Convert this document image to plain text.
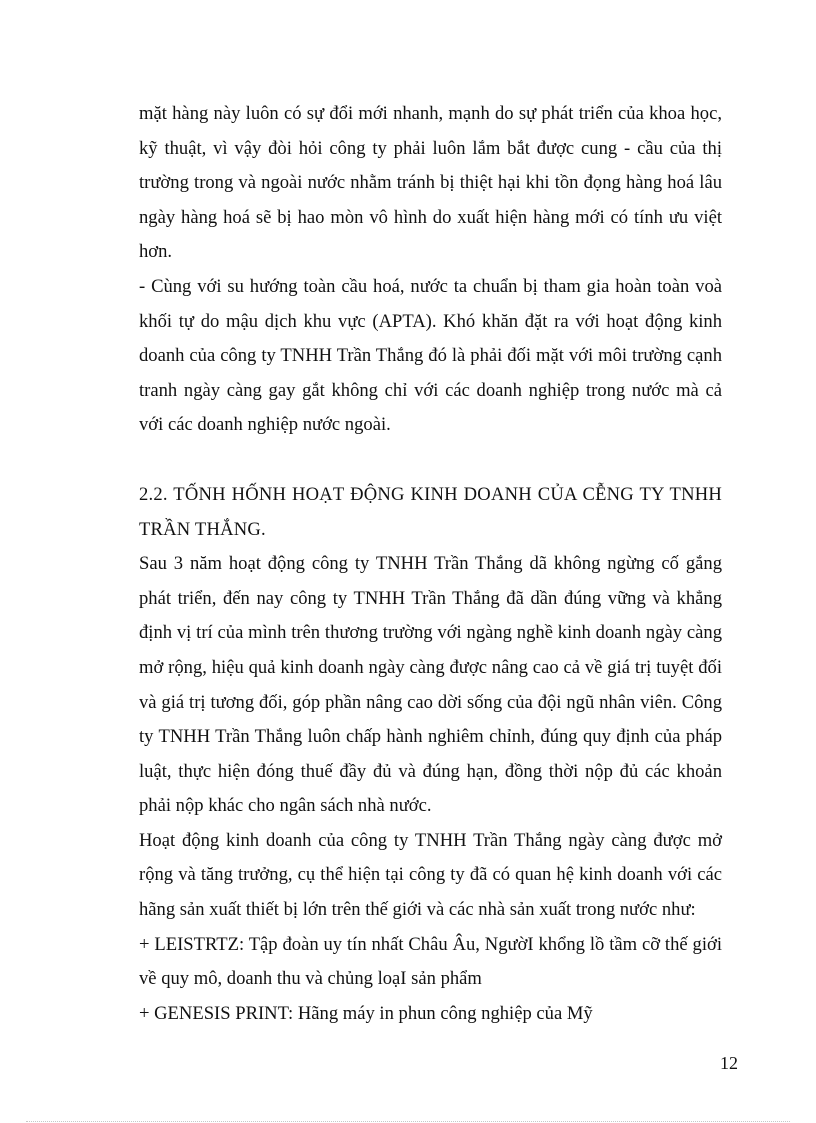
mặt hàng này luôn có sự đổi mới nhanh, mạnh do sự phát triển của khoa học, kỹ thuật, vì vậy đòi hỏi công ty phải luôn lắm bắt được cung - cầu của thị trường trong và ngoài nước nhằm tránh bị thiệt hại khi tồn đọng hàng hoá lâu ngày hàng hoá sẽ bị hao mòn vô hình do xuất hiện hàng mới có tính ưu việt hơn.

- Cùng với su hướng toàn cầu hoá, nước ta chuẩn bị tham gia hoàn toàn voà khối tự do mậu dịch khu vực (APTA). Khó khăn đặt ra với hoạt động kinh doanh của công ty TNHH Trần Thắng đó là phải đối mặt với môi trường cạnh tranh ngày càng gay gắt không chỉ với các doanh nghiệp trong nước mà cả với các doanh nghiệp nước ngoài.

2.2. TỐNH HỐNH HOẠT ĐỘNG KINH DOANH CỦA CỄNG TY TNHH TRẦN THẮNG.

Sau 3 năm hoạt động công ty TNHH Trần Thắng dã không ngừng cố gắng phát triển, đến nay công ty TNHH Trần Thắng đã dần đúng vững và khẳng định vị trí của mình trên thương trường với ngàng nghề kinh doanh ngày càng mở rộng, hiệu quả kinh doanh ngày càng được nâng cao cả về giá trị tuyệt đối và giá trị tương đối, góp phần nâng cao dời sống của đội ngũ nhân viên. Công ty TNHH Trần Thắng luôn chấp hành nghiêm chỉnh, đúng quy định của pháp luật, thực hiện đóng thuế đầy đủ và đúng hạn, đồng thời nộp đủ các khoản phải nộp khác cho ngân sách nhà nước.

Hoạt động kinh doanh của công ty TNHH Trần Thắng ngày càng được mở rộng và tăng trưởng, cụ thể hiện tại công ty đã có quan hệ kinh doanh với các hãng sản xuất thiết bị lớn trên thế giới và các nhà sản xuất trong nước như:

+ LEISTRTZ: Tập đoàn uy tín nhất Châu Âu, NgườI khổng lồ tầm cỡ thế giới về quy mô, doanh thu và chủng loạI sản phẩm

+ GENESIS PRINT: Hãng máy in phun công nghiệp của Mỹ

12
